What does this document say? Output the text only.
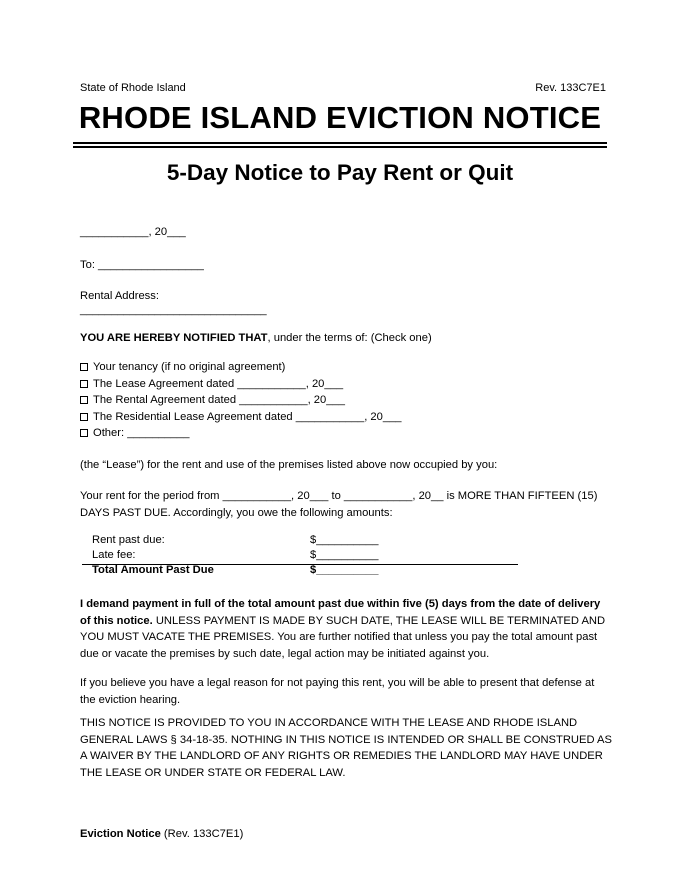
State of Rhode Island	Rev. 133C7E1
RHODE ISLAND EVICTION NOTICE
5-Day Notice to Pay Rent or Quit
___________, 20___
To: _________________
Rental Address:
______________________________
YOU ARE HEREBY NOTIFIED THAT, under the terms of: (Check one)
Your tenancy (if no original agreement)
The Lease Agreement dated ___________, 20___
The Rental Agreement dated ___________, 20___
The Residential Lease Agreement dated ___________, 20___
Other: __________
(the “Lease”) for the rent and use of the premises listed above now occupied by you:
Your rent for the period from ___________, 20___ to ___________, 20__ is MORE THAN FIFTEEN (15) DAYS PAST DUE. Accordingly, you owe the following amounts:
Rent past due:	$__________
Late fee:	$__________
Total Amount Past Due	$__________
I demand payment in full of the total amount past due within five (5) days from the date of delivery of this notice. UNLESS PAYMENT IS MADE BY SUCH DATE, THE LEASE WILL BE TERMINATED AND YOU MUST VACATE THE PREMISES. You are further notified that unless you pay the total amount past due or vacate the premises by such date, legal action may be initiated against you.
If you believe you have a legal reason for not paying this rent, you will be able to present that defense at the eviction hearing.
THIS NOTICE IS PROVIDED TO YOU IN ACCORDANCE WITH THE LEASE AND RHODE ISLAND GENERAL LAWS § 34-18-35. NOTHING IN THIS NOTICE IS INTENDED OR SHALL BE CONSTRUED AS A WAIVER BY THE LANDLORD OF ANY RIGHTS OR REMEDIES THE LANDLORD MAY HAVE UNDER THE LEASE OR UNDER STATE OR FEDERAL LAW.
Eviction Notice (Rev. 133C7E1)
